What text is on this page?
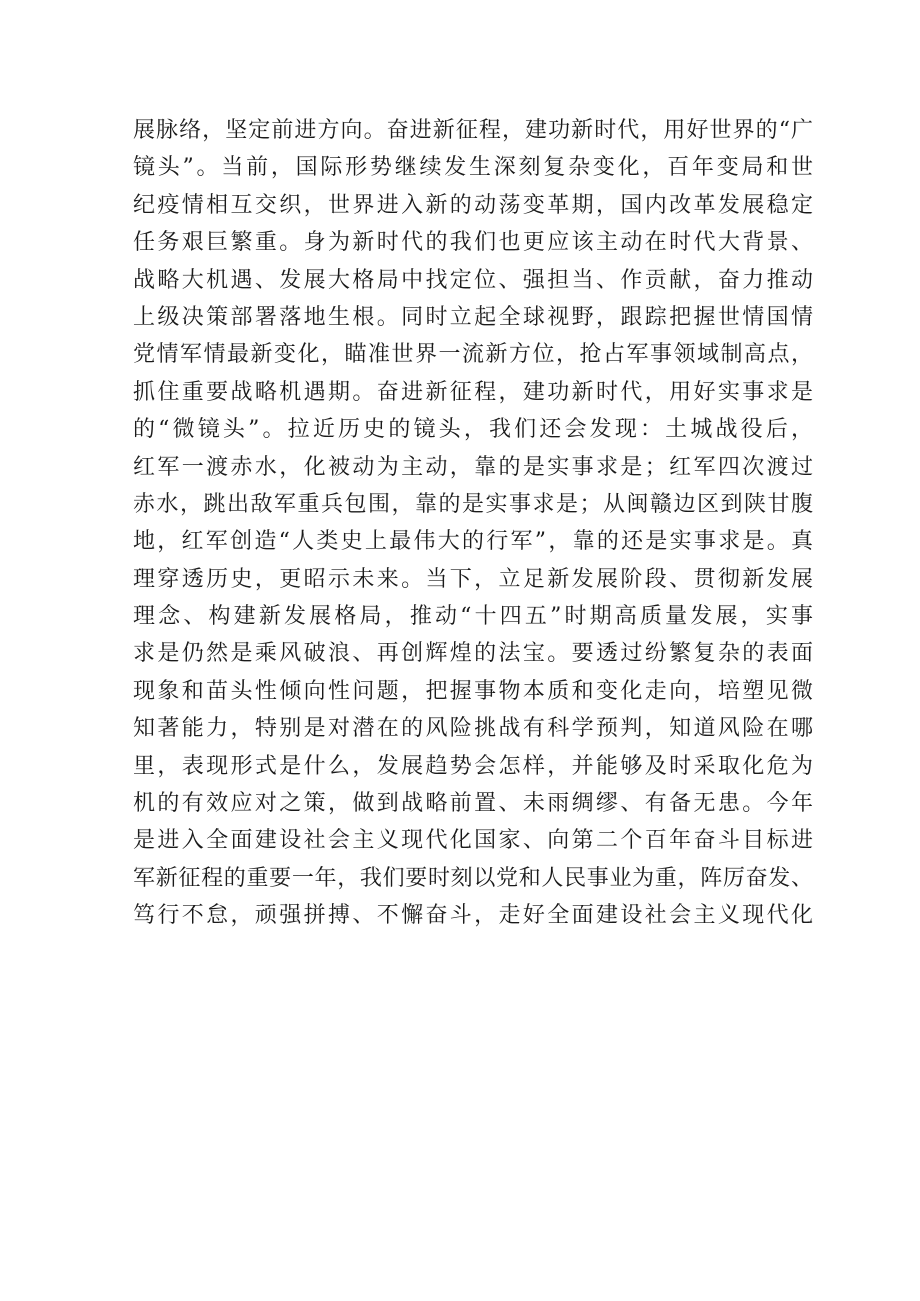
展脉络，坚定前进方向。奋进新征程，建功新时代，用好世界的“广
镜头”。当前，国际形势继续发生深刻复杂变化，百年变局和世
纪疫情相互交织，世界进入新的动荡变革期，国内改革发展稳定
任务艰巨繁重。身为新时代的我们也更应该主动在时代大背景、
战略大机遇、发展大格局中找定位、强担当、作贡献，奋力推动
上级决策部署落地生根。同时立起全球视野，跟踪把握世情国情
党情军情最新变化，瞄准世界一流新方位，抢占军事领域制高点，
抓住重要战略机遇期。奋进新征程，建功新时代，用好实事求是
的“微镜头”。拉近历史的镜头，我们还会发现：土城战役后，
红军一渡赤水，化被动为主动，靠的是实事求是；红军四次渡过
赤水，跳出敌军重兵包围，靠的是实事求是；从闽赣边区到陕甘腹
地，红军创造“人类史上最伟大的行军”，靠的还是实事求是。真
理穿透历史，更昭示未来。当下，立足新发展阶段、贯彻新发展
理念、构建新发展格局，推动“十四五”时期高质量发展，实事
求是仍然是乘风破浪、再创辉煌的法宝。要透过纷繁复杂的表面
现象和苗头性倾向性问题，把握事物本质和变化走向，培塑见微
知著能力，特别是对潜在的风险挑战有科学预判，知道风险在哪
里，表现形式是什么，发展趋势会怎样，并能够及时采取化危为
机的有效应对之策，做到战略前置、未雨绸缪、有备无患。今年
是进入全面建设社会主义现代化国家、向第二个百年奋斗目标进
军新征程的重要一年，我们要时刻以党和人民事业为重，阵厉奋发、
笃行不怠，顽强拼搏、不懈奋斗，走好全面建设社会主义现代化
